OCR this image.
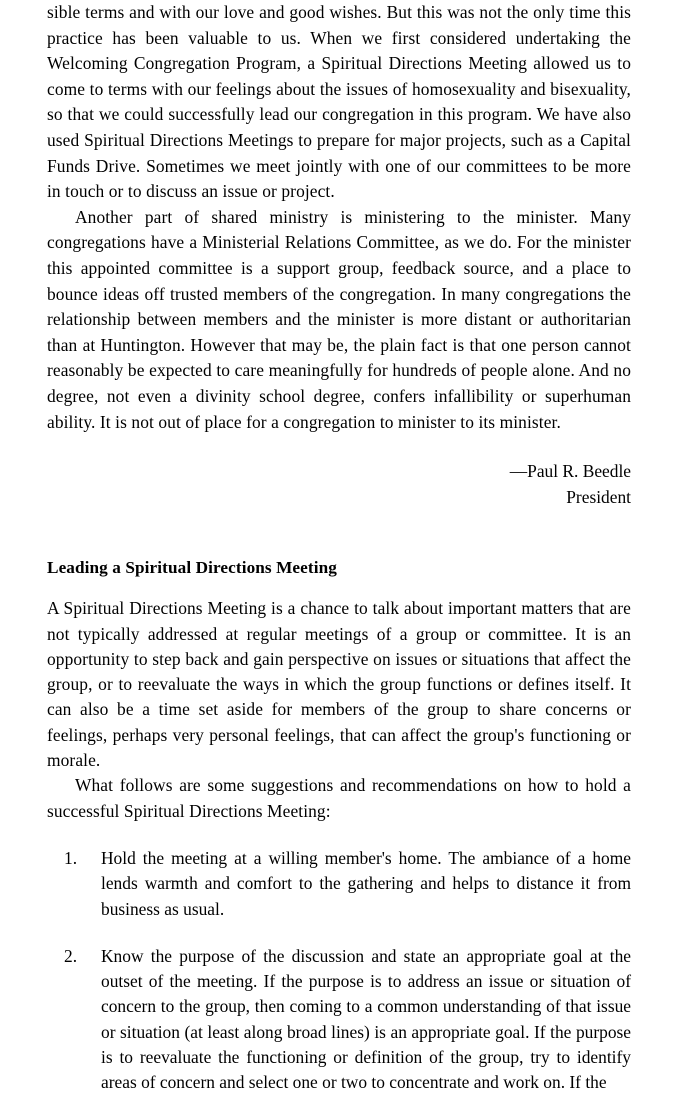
sible terms and with our love and good wishes. But this was not the only time this practice has been valuable to us. When we first considered undertaking the Welcoming Congregation Program, a Spiritual Directions Meeting allowed us to come to terms with our feelings about the issues of homosexuality and bisexuality, so that we could successfully lead our congregation in this program. We have also used Spiritual Directions Meetings to prepare for major projects, such as a Capital Funds Drive. Sometimes we meet jointly with one of our committees to be more in touch or to discuss an issue or project.

Another part of shared ministry is ministering to the minister. Many congregations have a Ministerial Relations Committee, as we do. For the minister this appointed committee is a support group, feedback source, and a place to bounce ideas off trusted members of the congregation. In many congregations the relationship between members and the minister is more distant or authoritarian than at Huntington. However that may be, the plain fact is that one person cannot reasonably be expected to care meaningfully for hundreds of people alone. And no degree, not even a divinity school degree, confers infallibility or superhuman ability. It is not out of place for a congregation to minister to its minister.

—Paul R. Beedle
President
Leading a Spiritual Directions Meeting

A Spiritual Directions Meeting is a chance to talk about important matters that are not typically addressed at regular meetings of a group or committee. It is an opportunity to step back and gain perspective on issues or situations that affect the group, or to reevaluate the ways in which the group functions or defines itself. It can also be a time set aside for members of the group to share concerns or feelings, perhaps very personal feelings, that can affect the group's functioning or morale.

What follows are some suggestions and recommendations on how to hold a successful Spiritual Directions Meeting:

1.	Hold the meeting at a willing member's home. The ambiance of a home lends warmth and comfort to the gathering and helps to distance it from business as usual.
2.	Know the purpose of the discussion and state an appropriate goal at the outset of the meeting. If the purpose is to address an issue or situation of concern to the group, then coming to a common understanding of that issue or situation (at least along broad lines) is an appropriate goal. If the purpose is to reevaluate the functioning or definition of the group, try to identify areas of concern and select one or two to concentrate and work on. If the
